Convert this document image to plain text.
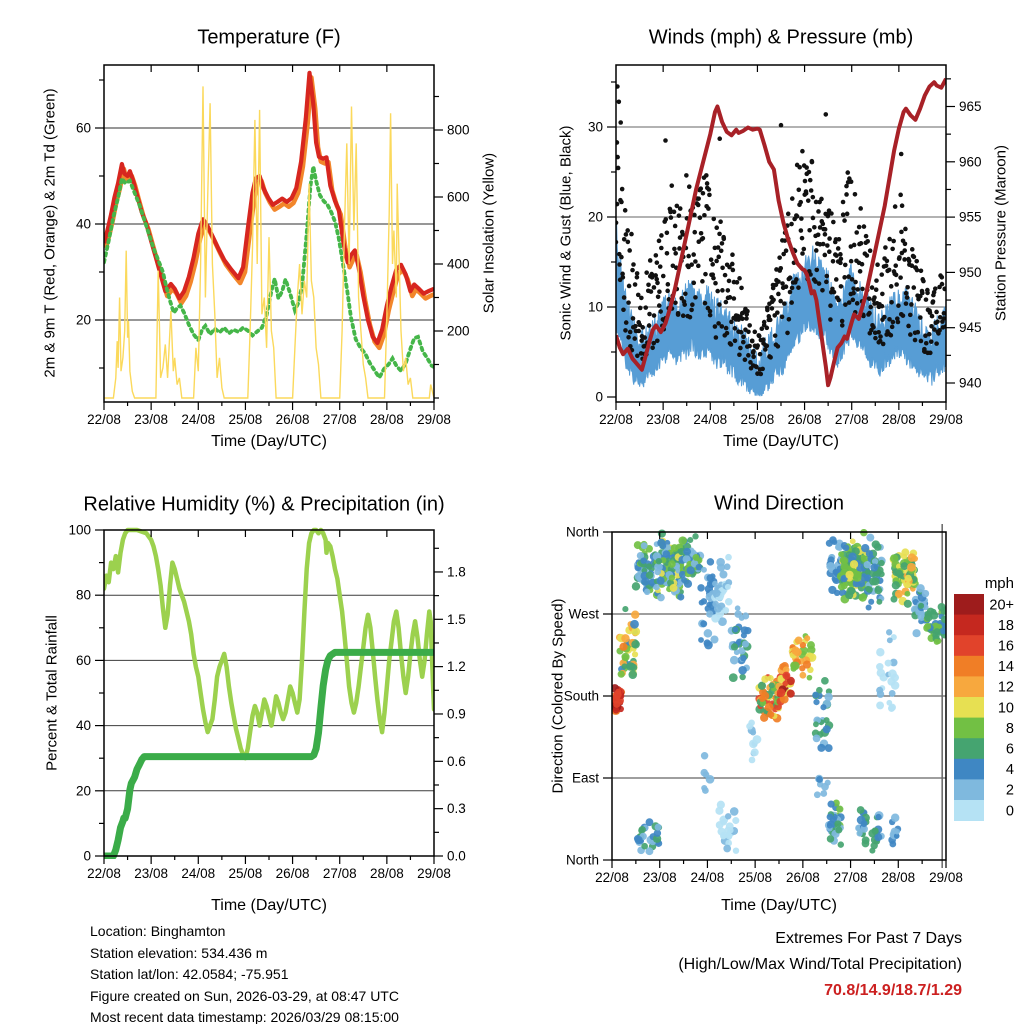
22/08 23/08 24/08 25/08 26/08 27/08 28/08 29/08
20
40
60
200
400
600
800
22/08 23/08 24/08 25/08 26/08 27/08 28/08 29/08
0
10
20
30
940
945
950
955
960
965
22/08 23/08 24/08 25/08 26/08 27/08 28/08 29/08
0
20
40
60
80
100
0.0
0.3
0.6
0.9
1.2
1.5
1.8
22/08 23/08 24/08 25/08 26/08 27/08 28/08 29/08
North
West
South
East
North
mph
20+
18
16
14
12
10
8
6
4
2
0
Temperature (F)	Winds (mph) & Pressure (mb)
Relative Humidity (%) & Precipitation (in)	Wind Direction
Time (Day/UTC)	Time (Day/UTC)
Time (Day/UTC)	Time (Day/UTC)
2m & 9m T (Red, Orange) & 2m Td (Green)	Solar Insolation (Yellow)	Sonic Wind & Gust (Blue, Black)	Station Pressure (Maroon)
Percent & Total Rainfall	Direction (Colored By Speed)
Location: Binghamton
Station elevation: 534.436 m
Station lat/lon: 42.0584; -75.951
Figure created on Sun, 2026-03-29, at 08:47 UTC
Most recent data timestamp: 2026/03/29 08:15:00
Extremes For Past 7 Days
(High/Low/Max Wind/Total Precipitation)
70.8/14.9/18.7/1.29
